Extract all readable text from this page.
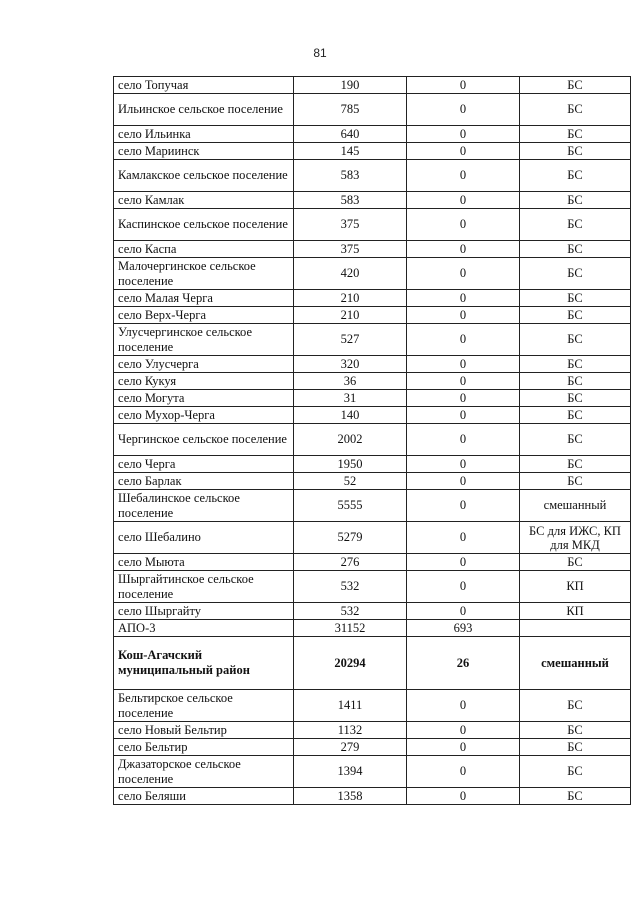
81
село Топучая	190	0	БС
Ильинское сельское поселение	785	0	БС
село Ильинка	640	0	БС
село Мариинск	145	0	БС
Камлакское сельское поселение	583	0	БС
село Камлак	583	0	БС
Каспинское сельское поселение	375	0	БС
село Каспа	375	0	БС
Малочергинское сельское поселение	420	0	БС
село Малая Черга	210	0	БС
село Верх-Черга	210	0	БС
Улусчергинское сельское поселение	527	0	БС
село Улусчерга	320	0	БС
село Кукуя	36	0	БС
село Могута	31	0	БС
село Мухор-Черга	140	0	БС
Чергинское сельское поселение	2002	0	БС
село Черга	1950	0	БС
село Барлак	52	0	БС
Шебалинское сельское поселение	5555	0	смешанный
село Шебалино	5279	0	БС для ИЖС, КП для МКД
село Мыюта	276	0	БС
Шыргайтинское сельское поселение	532	0	КП
село Шыргайту	532	0	КП
АПО-3	31152	693	
Кош-Агачский муниципальный район	20294	26	смешанный
Бельтирское сельское поселение	1411	0	БС
село Новый Бельтир	1132	0	БС
село Бельтир	279	0	БС
Джазаторское сельское поселение	1394	0	БС
село Беляши	1358	0	БС
